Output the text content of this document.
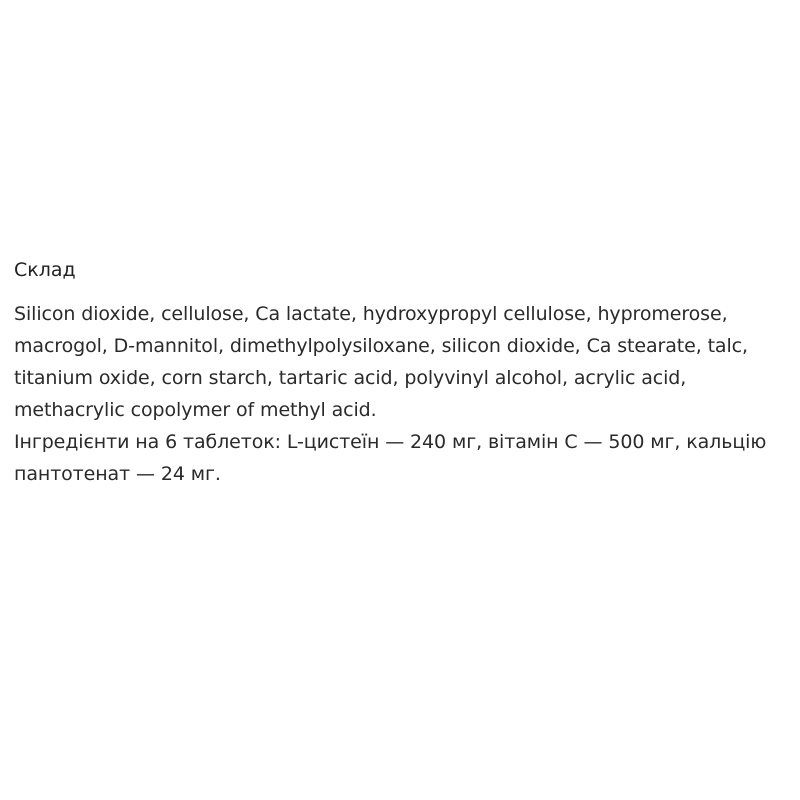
Склад

Silicon dioxide, cellulose, Ca lactate, hydroxypropyl cellulose, hypromerose, macrogol, D-mannitol, dimethylpolysiloxane, silicon dioxide, Ca stearate, talc, titanium oxide, corn starch, tartaric acid, polyvinyl alcohol, acrylic acid, methacrylic copolymer of methyl acid.

Інгредієнти на 6 таблеток: L-цистеїн — 240 мг, вітамін С — 500 мг, кальцію пантотенат — 24 мг.
